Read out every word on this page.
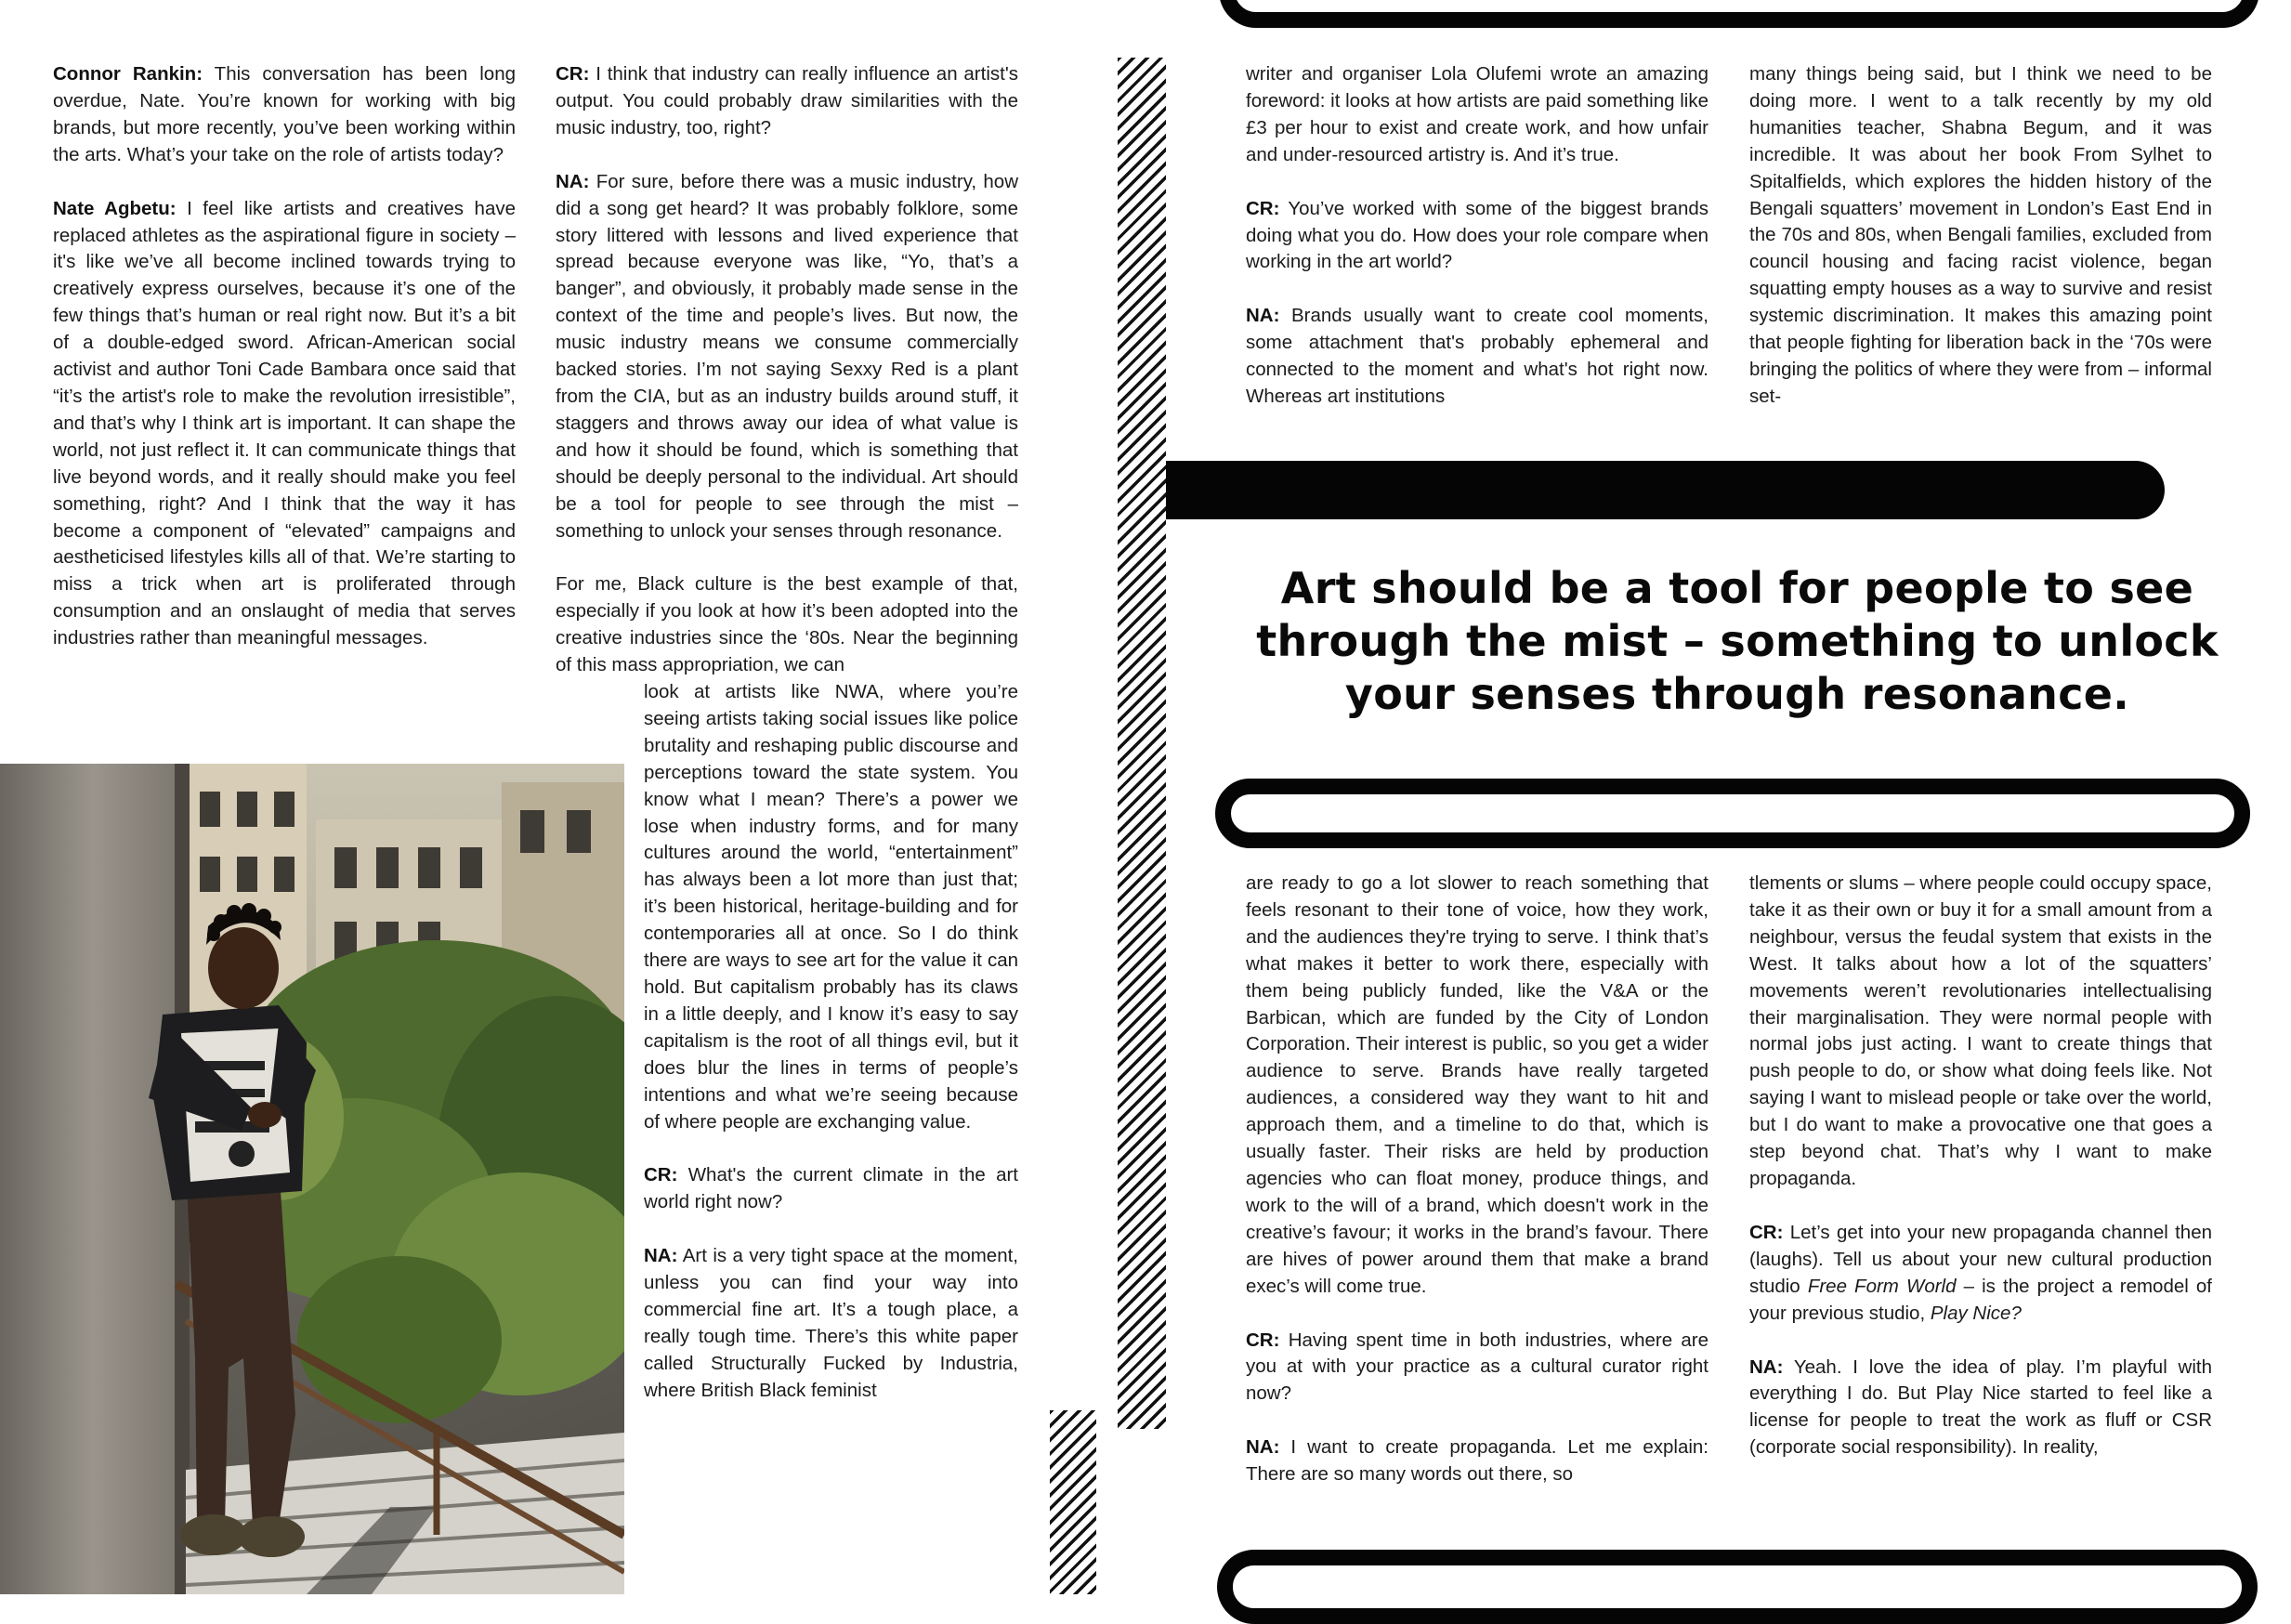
Connor Rankin: This conversation has been long overdue, Nate. You’re known for working with big brands, but more recently, you’ve been working within the arts. What’s your take on the role of artists today?

Nate Agbetu: I feel like artists and creatives have replaced athletes as the aspirational figure in society – it's like we’ve all become inclined towards trying to creatively express ourselves, because it’s one of the few things that’s human or real right now. But it’s a bit of a double-edged sword. African-American social activist and author Toni Cade Bambara once said that “it’s the artist's role to make the revolution irresistible”, and that’s why I think art is important. It can shape the world, not just reflect it. It can communicate things that live beyond words, and it really should make you feel something, right? And I think that the way it has become a component of “elevated” campaigns and aestheticised lifestyles kills all of that. We’re starting to miss a trick when art is proliferated through consumption and an onslaught of media that serves industries rather than meaningful messages.

CR: I think that industry can really influence an artist's output. You could probably draw similarities with the music industry, too, right?

NA: For sure, before there was a music industry, how did a song get heard? It was probably folklore, some story littered with lessons and lived experience that spread because everyone was like, “Yo, that’s a banger”, and obviously, it probably made sense in the context of the time and people’s lives. But now, the music industry means we consume commercially backed stories. I’m not saying Sexxy Red is a plant from the CIA, but as an industry builds around stuff, it staggers and throws away our idea of what value is and how it should be found, which is something that should be deeply personal to the individual. Art should be a tool for people to see through the mist – something to unlock your senses through resonance.

For me, Black culture is the best example of that, especially if you look at how it’s been adopted into the creative industries since the ‘80s. Near the beginning of this mass appropriation, we can

look at artists like NWA, where you’re seeing artists taking social issues like police brutality and reshaping public discourse and perceptions toward the state system. You know what I mean? There’s a power we lose when industry forms, and for many cultures around the world, “entertainment” has always been a lot more than just that; it’s been historical, heritage-building and for contemporaries all at once. So I do think there are ways to see art for the value it can hold. But capitalism probably has its claws in a little deeply, and I know it’s easy to say capitalism is the root of all things evil, but it does blur the lines in terms of people’s intentions and what we’re seeing because of where people are exchanging value.

CR: What's the current climate in the art world right now?

NA: Art is a very tight space at the moment, unless you can find your way into commercial fine art. It’s a tough place, a really tough time. There’s this white paper called Structurally Fucked by Industria, where British Black feminist

writer and organiser Lola Olufemi wrote an amazing foreword: it looks at how artists are paid something like £3 per hour to exist and create work, and how unfair and under-resourced artistry is. And it’s true.

CR: You’ve worked with some of the biggest brands doing what you do. How does your role compare when working in the art world?

NA: Brands usually want to create cool moments, some attachment that's probably ephemeral and connected to the moment and what's hot right now. Whereas art institutions

many things being said, but I think we need to be doing more. I went to a talk recently by my old humanities teacher, Shabna Begum, and it was incredible. It was about her book From Sylhet to Spitalfields, which explores the hidden history of the Bengali squatters’ movement in London’s East End in the 70s and 80s, when Bengali families, excluded from council housing and facing racist violence, began squatting empty houses as a way to survive and resist systemic discrimination. It makes this amazing point that people fighting for liberation back in the ‘70s were bringing the politics of where they were from – informal set-

Art should be a tool for people to see through the mist – something to unlock your senses through resonance.

are ready to go a lot slower to reach something that feels resonant to their tone of voice, how they work, and the audiences they're trying to serve. I think that’s what makes it better to work there, especially with them being publicly funded, like the V&A or the Barbican, which are funded by the City of London Corporation. Their interest is public, so you get a wider audience to serve. Brands have really targeted audiences, a considered way they want to hit and approach them, and a timeline to do that, which is usually faster. Their risks are held by production agencies who can float money, produce things, and work to the will of a brand, which doesn't work in the creative’s favour; it works in the brand’s favour. There are hives of power around them that make a brand exec’s will come true.

CR: Having spent time in both industries, where are you at with your practice as a cultural curator right now?

NA: I want to create propaganda. Let me explain: There are so many words out there, so

tlements or slums – where people could occupy space, take it as their own or buy it for a small amount from a neighbour, versus the feudal system that exists in the West. It talks about how a lot of the squatters’ movements weren’t revolutionaries intellectualising their marginalisation. They were normal people with normal jobs just acting. I want to create things that push people to do, or show what doing feels like. Not saying I want to mislead people or take over the world, but I do want to make a provocative one that goes a step beyond chat. That’s why I want to make propaganda.

CR: Let’s get into your new propaganda channel then (laughs). Tell us about your new cultural production studio Free Form World – is the project a remodel of your previous studio, Play Nice?

NA: Yeah. I love the idea of play. I’m playful with everything I do. But Play Nice started to feel like a license for people to treat the work as fluff or CSR (corporate social responsibility). In reality,
